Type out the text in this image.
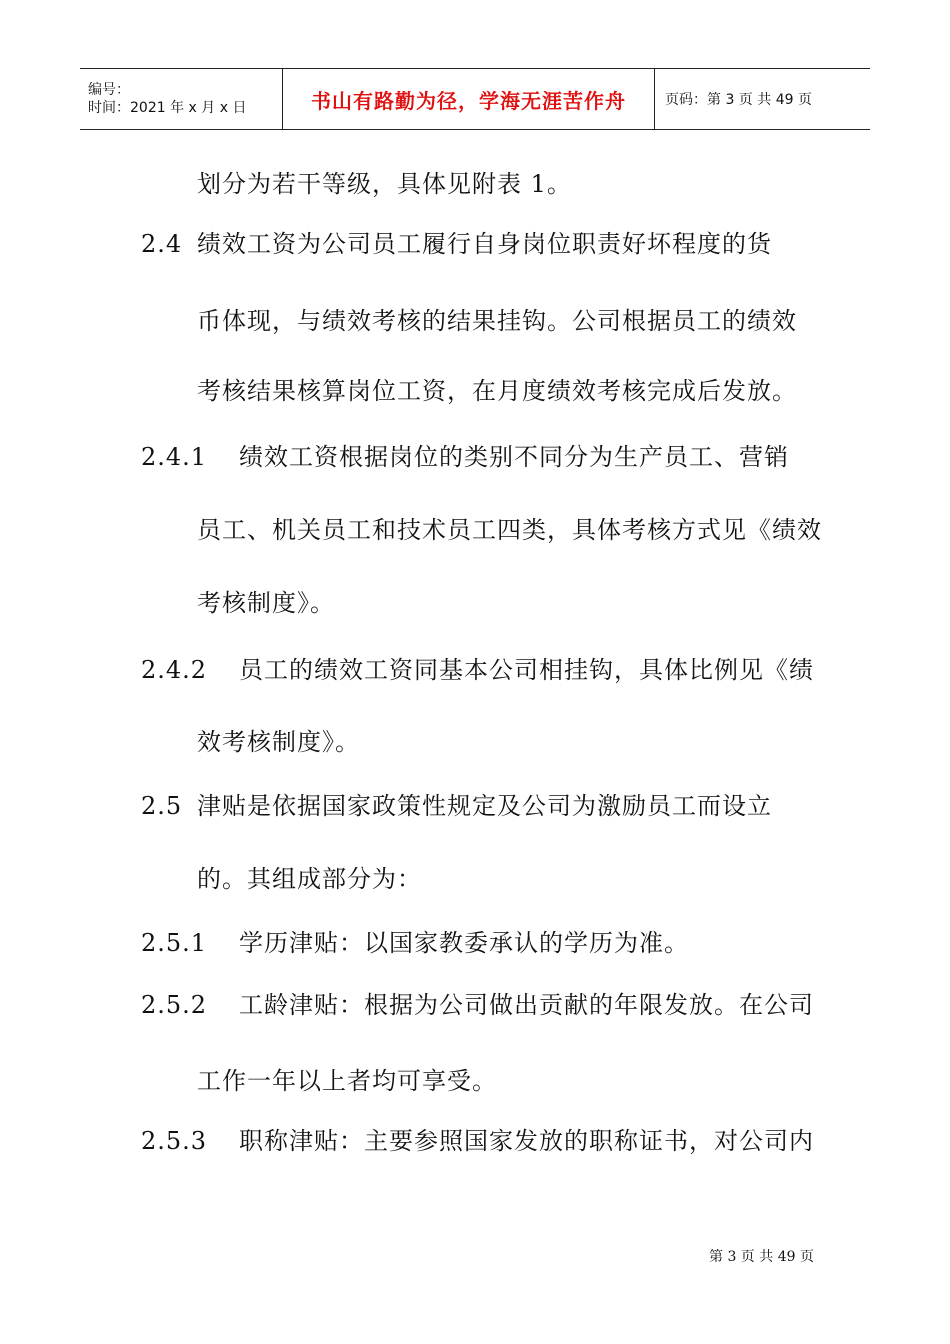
编号：
时间：2021 年 x 月 x 日	书山有路勤为径，学海无涯苦作舟	页码：第 3 页 共 49 页
划分为若干等级，具体见附表 1。
2.4 绩效工资为公司员工履行自身岗位职责好坏程度的货
币体现，与绩效考核的结果挂钩。公司根据员工的绩效
考核结果核算岗位工资，在月度绩效考核完成后发放。
2.4.1 绩效工资根据岗位的类别不同分为生产员工、营销
员工、机关员工和技术员工四类，具体考核方式见《绩效
考核制度》。
2.4.2 员工的绩效工资同基本公司相挂钩，具体比例见《绩
效考核制度》。
2.5 津贴是依据国家政策性规定及公司为激励员工而设立
的。其组成部分为：
2.5.1 学历津贴：以国家教委承认的学历为准。
2.5.2 工龄津贴：根据为公司做出贡献的年限发放。在公司
工作一年以上者均可享受。
2.5.3 职称津贴：主要参照国家发放的职称证书，对公司内
第 3 页 共 49 页
